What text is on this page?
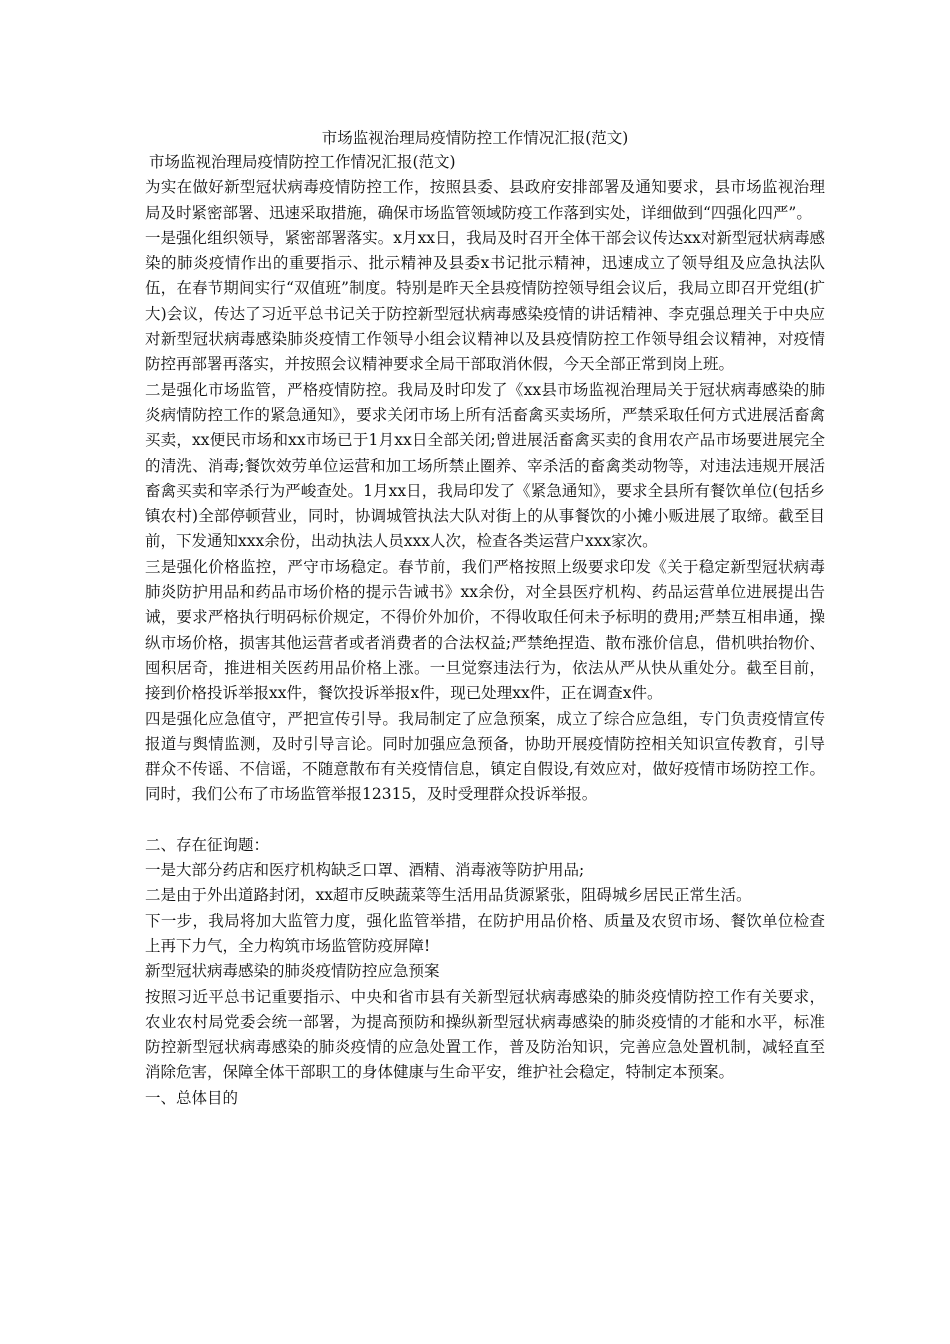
市场监视治理局疫情防控工作情况汇报(范文)

市场监视治理局疫情防控工作情况汇报(范文)

为实在做好新型冠状病毒疫情防控工作，按照县委、县政府安排部署及通知要求，县市场监视治理局及时紧密部署、迅速采取措施，确保市场监管领域防疫工作落到实处，详细做到“四强化四严”。

一是强化组织领导，紧密部署落实。x月xx日，我局及时召开全体干部会议传达xx对新型冠状病毒感染的肺炎疫情作出的重要指示、批示精神及县委x书记批示精神，迅速成立了领导组及应急执法队伍，在春节期间实行“双值班”制度。特别是昨天全县疫情防控领导组会议后，我局立即召开党组(扩大)会议，传达了习近平总书记关于防控新型冠状病毒感染疫情的讲话精神、李克强总理关于中央应对新型冠状病毒感染肺炎疫情工作领导小组会议精神以及县疫情防控工作领导组会议精神，对疫情防控再部署再落实，并按照会议精神要求全局干部取消休假，今天全部正常到岗上班。

二是强化市场监管，严格疫情防控。我局及时印发了《xx县市场监视治理局关于冠状病毒感染的肺炎病情防控工作的紧急通知》，要求关闭市场上所有活畜禽买卖场所，严禁采取任何方式进展活畜禽买卖，xx便民市场和xx市场已于1月xx日全部关闭;曾进展活畜禽买卖的食用农产品市场要进展完全的清洗、消毒;餐饮效劳单位运营和加工场所禁止圈养、宰杀活的畜禽类动物等，对违法违规开展活畜禽买卖和宰杀行为严峻查处。1月xx日，我局印发了《紧急通知》，要求全县所有餐饮单位(包括乡镇农村)全部停顿营业，同时，协调城管执法大队对街上的从事餐饮的小摊小贩进展了取缔。截至目前，下发通知xxx余份，出动执法人员xxx人次，检查各类运营户xxx家次。

三是强化价格监控，严守市场稳定。春节前，我们严格按照上级要求印发《关于稳定新型冠状病毒肺炎防护用品和药品市场价格的提示告诫书》xx余份，对全县医疗机构、药品运营单位进展提出告诫，要求严格执行明码标价规定，不得价外加价，不得收取任何未予标明的费用;严禁互相串通，操纵市场价格，损害其他运营者或者消费者的合法权益;严禁绝捏造、散布涨价信息，借机哄抬物价、囤积居奇，推进相关医药用品价格上涨。一旦觉察违法行为，依法从严从快从重处分。截至目前，接到价格投诉举报xx件，餐饮投诉举报x件，现已处理xx件，正在调查x件。

四是强化应急值守，严把宣传引导。我局制定了应急预案，成立了综合应急组，专门负责疫情宣传报道与舆情监测，及时引导言论。同时加强应急预备，协助开展疫情防控相关知识宣传教育，引导群众不传谣、不信谣，不随意散布有关疫情信息，镇定自假设,有效应对，做好疫情市场防控工作。同时，我们公布了市场监管举报12315，及时受理群众投诉举报。

二、存在征询题：

一是大部分药店和医疗机构缺乏口罩、酒精、消毒液等防护用品;

二是由于外出道路封闭，xx超市反映蔬菜等生活用品货源紧张，阻碍城乡居民正常生活。

下一步，我局将加大监管力度，强化监管举措，在防护用品价格、质量及农贸市场、餐饮单位检查上再下力气，全力构筑市场监管防疫屏障!

新型冠状病毒感染的肺炎疫情防控应急预案

按照习近平总书记重要指示、中央和省市县有关新型冠状病毒感染的肺炎疫情防控工作有关要求，农业农村局党委会统一部署，为提高预防和操纵新型冠状病毒感染的肺炎疫情的才能和水平，标准防控新型冠状病毒感染的肺炎疫情的应急处置工作，普及防治知识，完善应急处置机制，减轻直至消除危害，保障全体干部职工的身体健康与生命平安，维护社会稳定，特制定本预案。

一、总体目的
